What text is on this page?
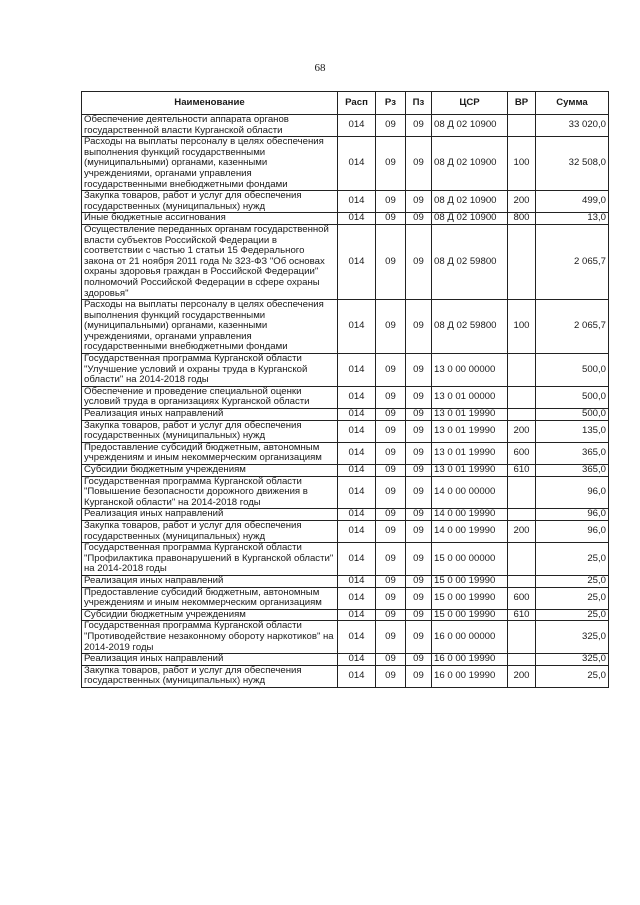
68
Наименование	Расп	Рз	Пз	ЦСР	ВР	Сумма
Обеспечение деятельности аппарата органов государственной власти Курганской области	014	09	09	08 Д 02 10900		33 020,0
Расходы на выплаты персоналу в целях обеспечения выполнения функций государственными (муниципальными) органами, казенными учреждениями, органами управления государственными внебюджетными фондами	014	09	09	08 Д 02 10900	100	32 508,0
Закупка товаров, работ и услуг для обеспечения государственных (муниципальных) нужд	014	09	09	08 Д 02 10900	200	499,0
Иные бюджетные ассигнования	014	09	09	08 Д 02 10900	800	13,0
Осуществление переданных органам государственной власти субъектов Российской Федерации в соответствии с частью 1 статьи 15 Федерального закона от 21 ноября 2011 года № 323-ФЗ "Об основах охраны здоровья граждан в Российской Федерации" полномочий Российской Федерации в сфере охраны здоровья"	014	09	09	08 Д 02 59800		2 065,7
Расходы на выплаты персоналу в целях обеспечения выполнения функций государственными (муниципальными) органами, казенными учреждениями, органами управления государственными внебюджетными фондами	014	09	09	08 Д 02 59800	100	2 065,7
Государственная программа Курганской области "Улучшение условий и охраны труда в Курганской области" на 2014-2018 годы	014	09	09	13 0 00 00000		500,0
Обеспечение и проведение специальной оценки условий труда в организациях Курганской области	014	09	09	13 0 01 00000		500,0
Реализация иных направлений	014	09	09	13 0 01 19990		500,0
Закупка товаров, работ и услуг для обеспечения государственных (муниципальных) нужд	014	09	09	13 0 01 19990	200	135,0
Предоставление субсидий бюджетным, автономным учреждениям и иным некоммерческим организациям	014	09	09	13 0 01 19990	600	365,0
Субсидии бюджетным учреждениям	014	09	09	13 0 01 19990	610	365,0
Государственная программа Курганской области "Повышение безопасности дорожного движения в Курганской области" на 2014-2018 годы	014	09	09	14 0 00 00000		96,0
Реализация иных направлений	014	09	09	14 0 00 19990		96,0
Закупка товаров, работ и услуг для обеспечения государственных (муниципальных) нужд	014	09	09	14 0 00 19990	200	96,0
Государственная программа Курганской области "Профилактика правонарушений в Курганской области" на 2014-2018 годы	014	09	09	15 0 00 00000		25,0
Реализация иных направлений	014	09	09	15 0 00 19990		25,0
Предоставление субсидий бюджетным, автономным учреждениям и иным некоммерческим организациям	014	09	09	15 0 00 19990	600	25,0
Субсидии бюджетным учреждениям	014	09	09	15 0 00 19990	610	25,0
Государственная программа Курганской области "Противодействие незаконному обороту наркотиков" на 2014-2019 годы	014	09	09	16 0 00 00000		325,0
Реализация иных направлений	014	09	09	16 0 00 19990		325,0
Закупка товаров, работ и услуг для обеспечения государственных (муниципальных) нужд	014	09	09	16 0 00 19990	200	25,0
